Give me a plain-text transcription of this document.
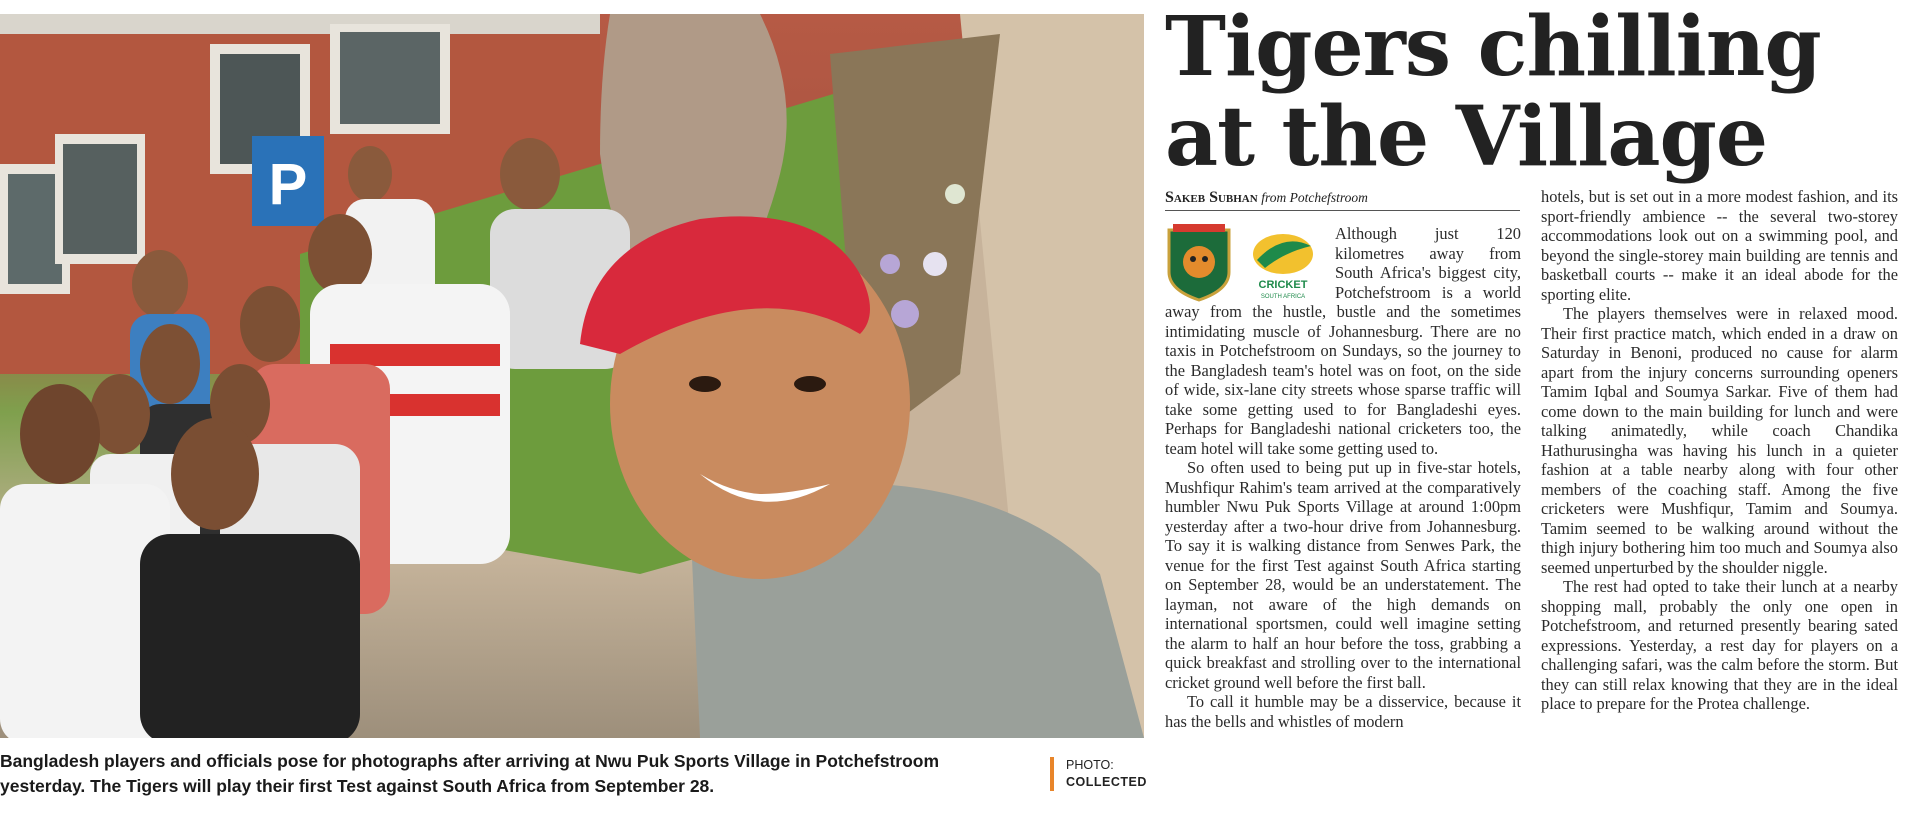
P
Bangladesh players and officials pose for photographs after arriving at Nwu Puk Sports Village in Potchefstroom yesterday. The Tigers will play their first Test against South Africa from September 28.
PHOTO:
COLLECTED
Tigers chilling at the Village
Sakeb Subhan from Potchefstroom
CRICKET
SOUTH AFRICA

Although just 120 kilometres away from South Africa's biggest city, Potchefstroom is a world away from the hustle, bustle and the sometimes intimidating muscle of Johannesburg. There are no taxis in Potchefstroom on Sundays, so the journey to the Bangladesh team's hotel was on foot, on the side of wide, six-lane city streets whose sparse traffic will take some getting used to for Bangladeshi eyes. Perhaps for Bangladeshi national cricketers too, the team hotel will take some getting used to.

So often used to being put up in five-star hotels, Mushfiqur Rahim's team arrived at the comparatively humbler Nwu Puk Sports Village at around 1:00pm yesterday after a two-hour drive from Johannesburg. To say it is walking distance from Senwes Park, the venue for the first Test against South Africa starting on September 28, would be an understatement. The layman, not aware of the high demands on international sportsmen, could well imagine setting the alarm to half an hour before the toss, grabbing a quick breakfast and strolling over to the international cricket ground well before the first ball.

To call it humble may be a disservice, because it has the bells and whistles of modern

hotels, but is set out in a more modest fashion, and its sport-friendly ambience -- the several two-storey accommodations look out on a swimming pool, and beyond the single-storey main building are tennis and basketball courts -- make it an ideal abode for the sporting elite.

The players themselves were in relaxed mood. Their first practice match, which ended in a draw on Saturday in Benoni, produced no cause for alarm apart from the injury concerns surrounding openers Tamim Iqbal and Soumya Sarkar. Five of them had come down to the main building for lunch and were talking animatedly, while coach Chandika Hathurusingha was having his lunch in a quieter fashion at a table nearby along with four other members of the coaching staff. Among the five cricketers were Mushfiqur, Tamim and Soumya. Tamim seemed to be walking around without the thigh injury bothering him too much and Soumya also seemed unperturbed by the shoulder niggle.

The rest had opted to take their lunch at a nearby shopping mall, probably the only one open in Potchefstroom, and returned presently bearing sated expressions. Yesterday, a rest day for players on a challenging safari, was the calm before the storm. But they can still relax knowing that they are in the ideal place to prepare for the Protea challenge.
